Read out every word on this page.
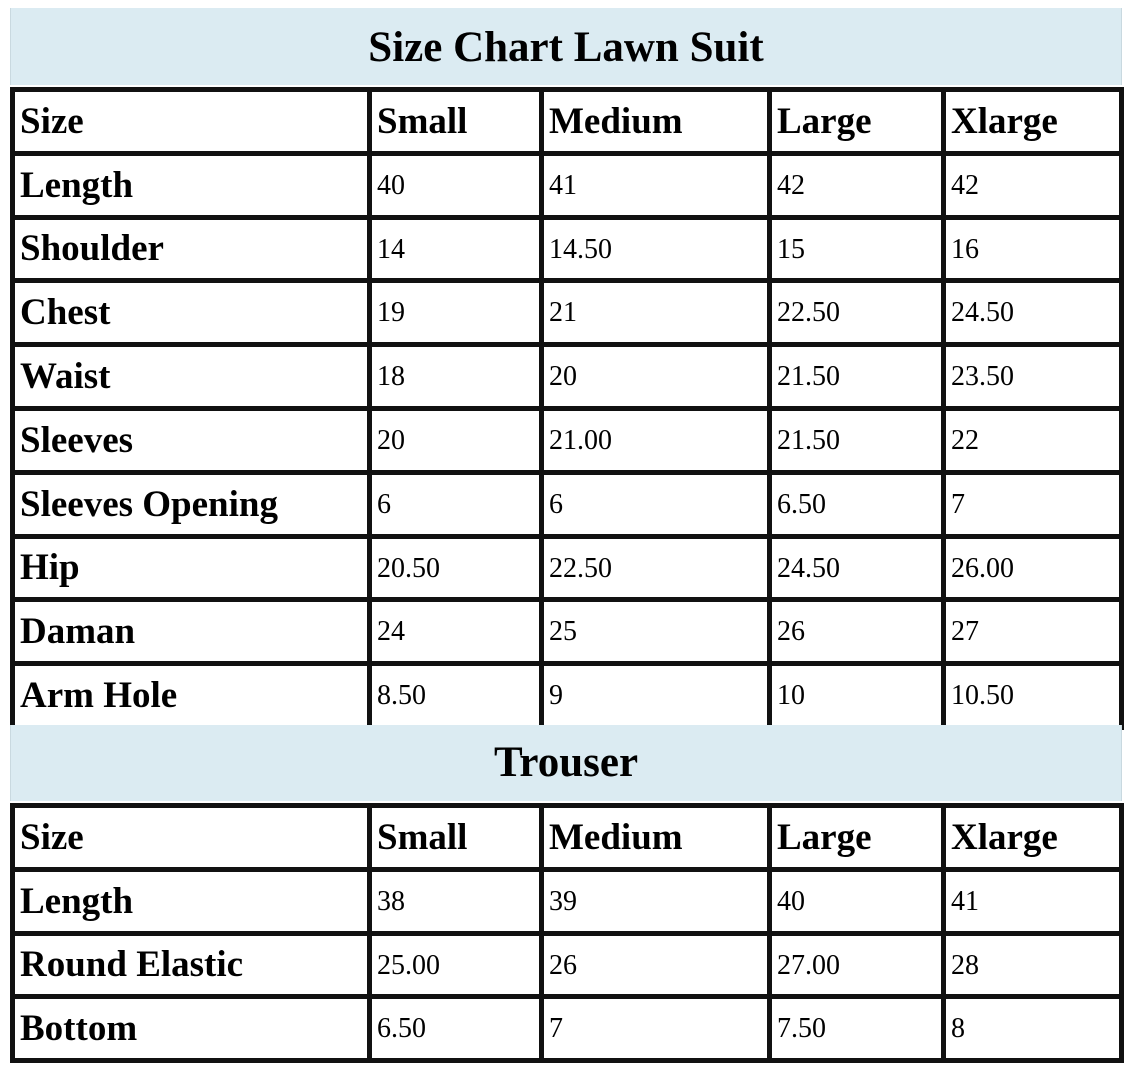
Size Chart Lawn Suit
Size	Small	Medium	Large	Xlarge
Length	40	41	42	42
Shoulder	14	14.50	15	16
Chest	19	21	22.50	24.50
Waist	18	20	21.50	23.50
Sleeves	20	21.00	21.50	22
Sleeves Opening	6	6	6.50	7
Hip	20.50	22.50	24.50	26.00
Daman	24	25	26	27
Arm Hole	8.50	9	10	10.50
Trouser
Size	Small	Medium	Large	Xlarge
Length	38	39	40	41
Round Elastic	25.00	26	27.00	28
Bottom	6.50	7	7.50	8
